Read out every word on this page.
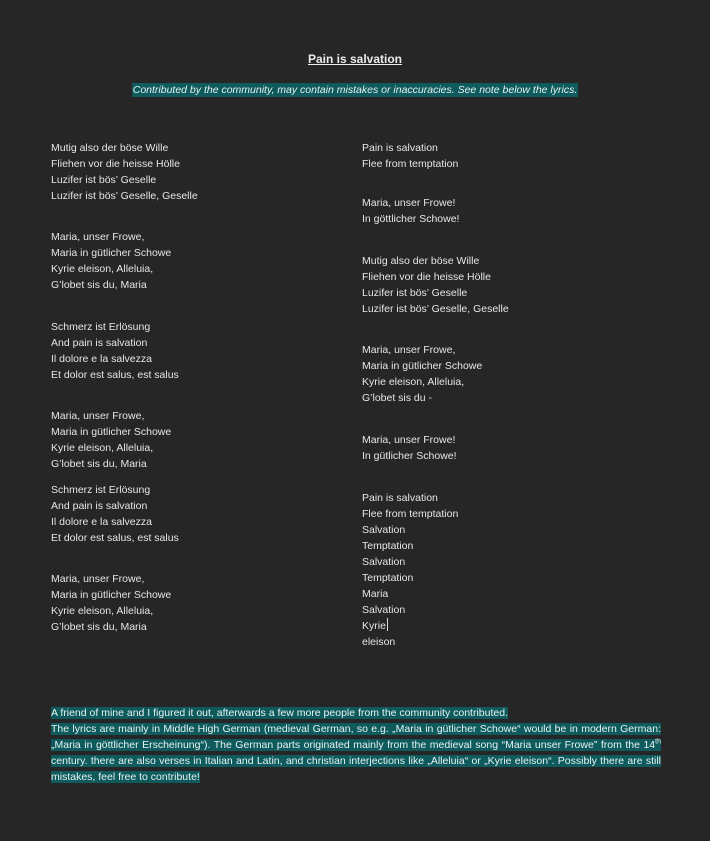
Pain is salvation
Contributed by the community, may contain mistakes or inaccuracies. See note below the lyrics.
Mutig also der böse Wille
Fliehen vor die heisse Hölle
Luzifer ist bös’ Geselle
Luzifer ist bös’ Geselle, Geselle
Maria, unser Frowe,
Maria in gütlicher Schowe
Kyrie eleison, Alleluia,
G’lobet sis du, Maria
Schmerz ist Erlösung
And pain is salvation
Il dolore e la salvezza
Et dolor est salus, est salus
Maria, unser Frowe,
Maria in gütlicher Schowe
Kyrie eleison, Alleluia,
G’lobet sis du, Maria
Schmerz ist Erlösung
And pain is salvation
Il dolore e la salvezza
Et dolor est salus, est salus
Maria, unser Frowe,
Maria in gütlicher Schowe
Kyrie eleison, Alleluia,
G’lobet sis du, Maria
Pain is salvation
Flee from temptation
Maria, unser Frowe!
In göttlicher Schowe!
Mutig also der böse Wille
Fliehen vor die heisse Hölle
Luzifer ist bös’ Geselle
Luzifer ist bös’ Geselle, Geselle
Maria, unser Frowe,
Maria in gütlicher Schowe
Kyrie eleison, Alleluia,
G’lobet sis du -
Maria, unser Frowe!
In gütlicher Schowe!
Pain is salvation
Flee from temptation
Salvation
Temptation
Salvation
Temptation
Maria
Salvation
Kyrie
eleison

A friend of mine and I figured it out, afterwards a few more people from the community contributed.

The lyrics are mainly in Middle High German (medieval German, so e.g. „Maria in gütlicher Schowe“ would be in modern German: „Maria in göttlicher Erscheinung“). The German parts originated mainly from the medieval song “Maria unser Frowe” from the 14th century. there are also verses in Italian and Latin, and christian interjections like „Alleluia“ or „Kyrie eleison“. Possibly there are still mistakes, feel free to contribute!
